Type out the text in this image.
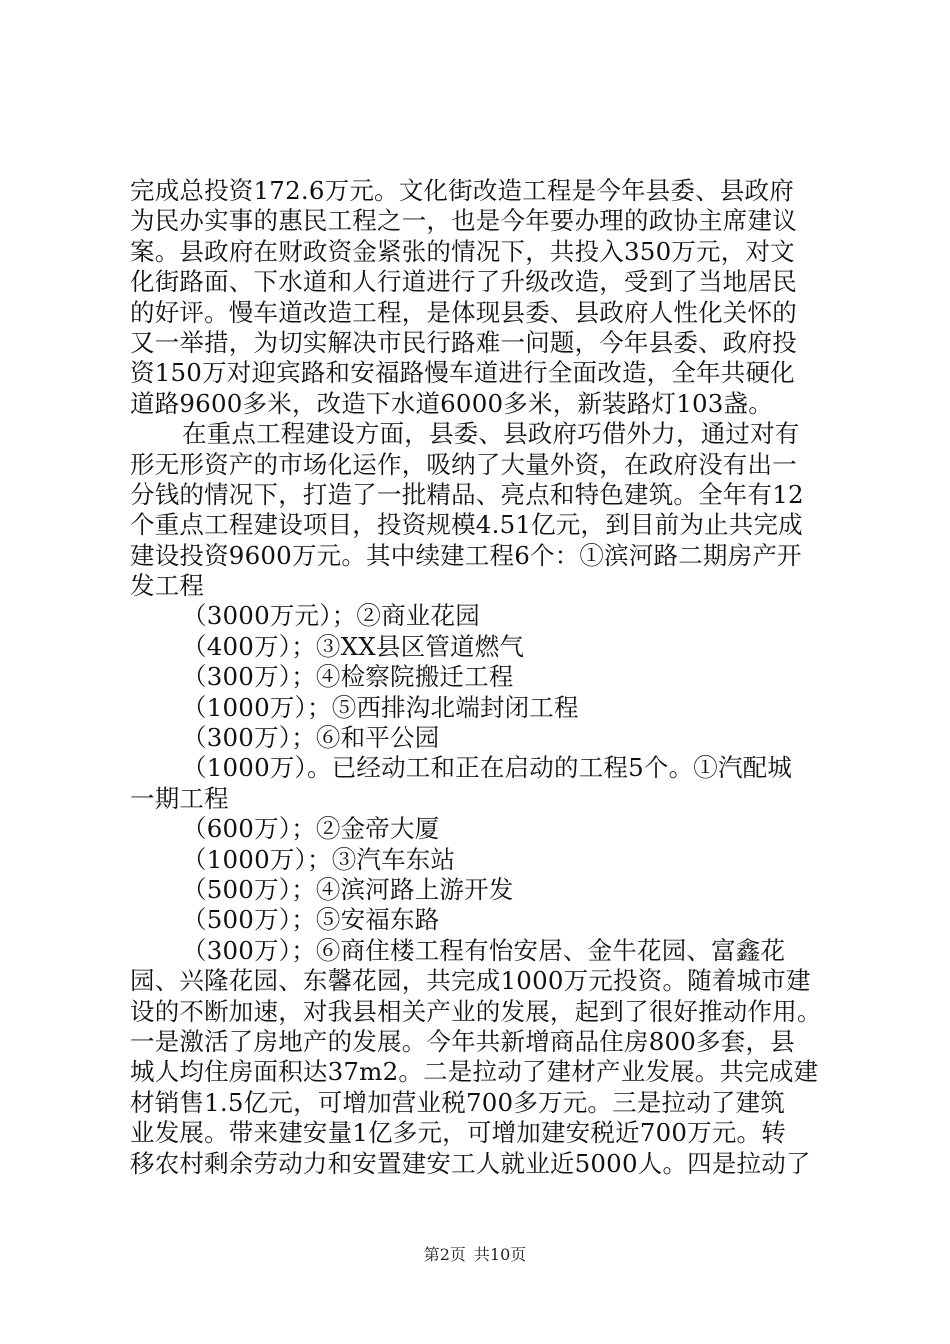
完成总投资172.6万元。文化街改造工程是今年县委、县政府
为民办实事的惠民工程之一，也是今年要办理的政协主席建议
案。县政府在财政资金紧张的情况下，共投入350万元，对文
化街路面、下水道和人行道进行了升级改造，受到了当地居民
的好评。慢车道改造工程，是体现县委、县政府人性化关怀的
又一举措，为切实解决市民行路难一问题，今年县委、政府投
资150万对迎宾路和安福路慢车道进行全面改造，全年共硬化
道路9600多米，改造下水道6000多米，新装路灯103盏。
在重点工程建设方面，县委、县政府巧借外力，通过对有
形无形资产的市场化运作，吸纳了大量外资，在政府没有出一
分钱的情况下，打造了一批精品、亮点和特色建筑。全年有12
个重点工程建设项目，投资规模4.51亿元，到目前为止共完成
建设投资9600万元。其中续建工程6个：①滨河路二期房产开
发工程
（3000万元）；②商业花园
（400万）；③XX县区管道燃气
（300万）；④检察院搬迁工程
（1000万）；⑤西排沟北端封闭工程
（300万）；⑥和平公园
（1000万）。已经动工和正在启动的工程5个。①汽配城
一期工程
（600万）；②金帝大厦
（1000万）；③汽车东站
（500万）；④滨河路上游开发
（500万）；⑤安福东路
（300万）；⑥商住楼工程有怡安居、金牛花园、富鑫花
园、兴隆花园、东馨花园，共完成1000万元投资。随着城市建
设的不断加速，对我县相关产业的发展，起到了很好推动作用。
一是激活了房地产的发展。今年共新增商品住房800多套，县
城人均住房面积达37m2。二是拉动了建材产业发展。共完成建
材销售1.5亿元，可增加营业税700多万元。三是拉动了建筑
业发展。带来建安量1亿多元，可增加建安税近700万元。转
移农村剩余劳动力和安置建安工人就业近5000人。四是拉动了
第2页 共10页
